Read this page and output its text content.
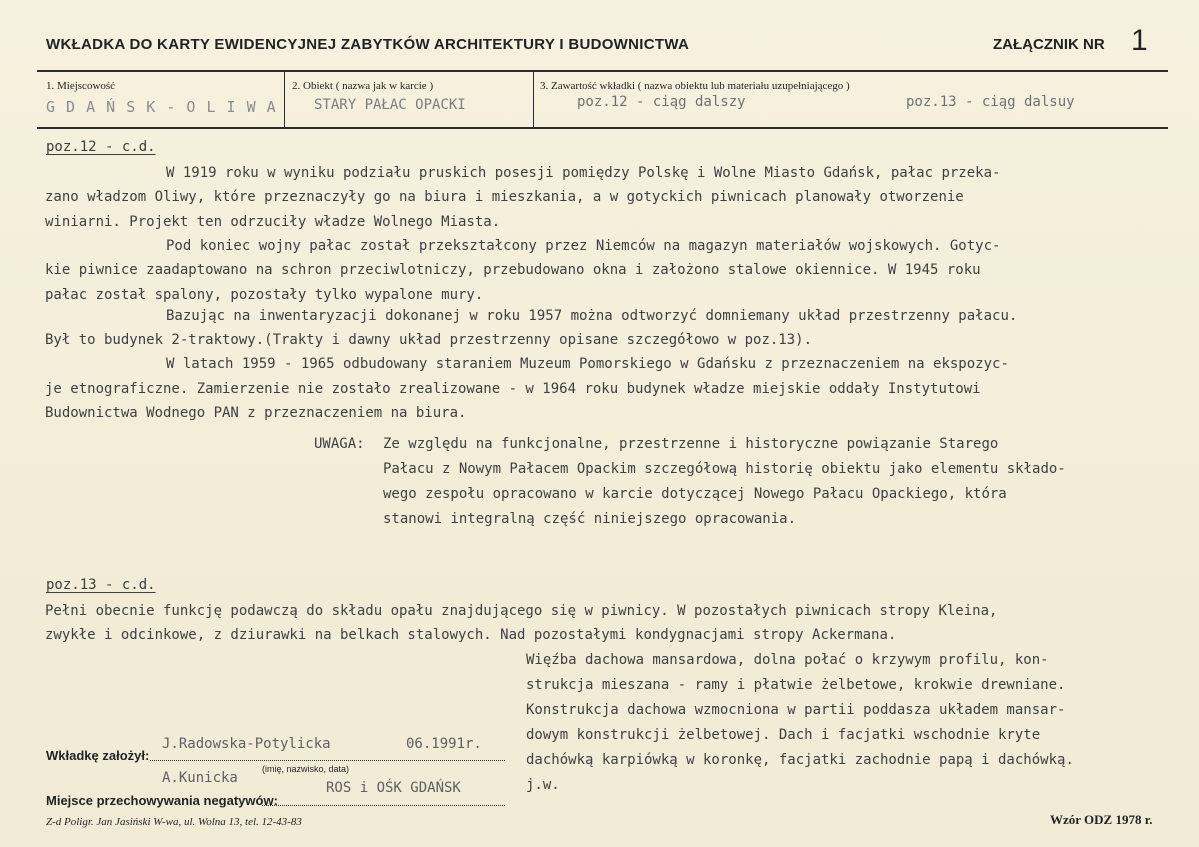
WKŁADKA DO KARTY EWIDENCYJNEJ ZABYTKÓW ARCHITEKTURY I BUDOWNICTWA	ZAŁĄCZNIK NR 1
1. Miejscowość
G D A Ń S K - O L I W A
2. Obiekt ( nazwa jak w karcie )
STARY PAŁAC OPACKI
3. Zawartość wkładki ( nazwa obiektu lub materiału uzupełniającego )
poz.12 - ciąg dalszy	poz.13 - ciąg dalsuy
poz.12 - c.d.
W 1919 roku w wyniku podziału pruskich posesji pomiędzy Polskę i Wolne Miasto Gdańsk, pałac przeka-
zano władzom Oliwy, które przeznaczyły go na biura i mieszkania, a w gotyckich piwnicach planowały otworzenie
winiarni. Projekt ten odrzuciły władze Wolnego Miasta.
Pod koniec wojny pałac został przekształcony przez Niemców na magazyn materiałów wojskowych. Gotyc-
kie piwnice zaadaptowano na schron przeciwlotniczy, przebudowano okna i założono stalowe okiennice. W 1945 roku
pałac został spalony, pozostały tylko wypalone mury.
Bazując na inwentaryzacji dokonanej w roku 1957 można odtworzyć domniemany układ przestrzenny pałacu.
Był to budynek 2-traktowy.(Trakty i dawny układ przestrzenny opisane szczegółowo w poz.13).
W latach 1959 - 1965 odbudowany staraniem Muzeum Pomorskiego w Gdańsku z przeznaczeniem na ekspozyc-
je etnograficzne. Zamierzenie nie zostało zrealizowane - w 1964 roku budynek władze miejskie oddały Instytutowi
Budownictwa Wodnego PAN z przeznaczeniem na biura.
UWAGA: Ze względu na funkcjonalne, przestrzenne i historyczne powiązanie Starego
Pałacu z Nowym Pałacem Opackim szczegółową historię obiektu jako elementu składo-
wego zespołu opracowano w karcie dotyczącej Nowego Pałacu Opackiego, która
stanowi integralną część niniejszego opracowania.
poz.13 - c.d.
Pełni obecnie funkcję podawczą do składu opału znajdującego się w piwnicy. W pozostałych piwnicach stropy Kleina,
zwykłe i odcinkowe, z dziurawki na belkach stalowych. Nad pozostałymi kondygnacjami stropy Ackermana.
Więźba dachowa mansardowa, dolna połać o krzywym profilu, kon-
strukcja mieszana - ramy i płatwie żelbetowe, krokwie drewniane.
Konstrukcja dachowa wzmocniona w partii poddasza układem mansar-
dowym konstrukcji żelbetowej. Dach i facjatki wschodnie kryte
dachówką karpiówką w koronkę, facjatki zachodnie papą i dachówką.
j.w.
Wkładkę założył:
J.Radowska-Potylicka	06.1991r.
(imię, nazwisko, data)
A.Kunicka
Miejsce przechowywania negatywów:
ROS i OŚK GDAŃSK
Z-d Poligr. Jan Jasiński W-wa, ul. Wolna 13, tel. 12-43-83	Wzór ODZ 1978 r.
